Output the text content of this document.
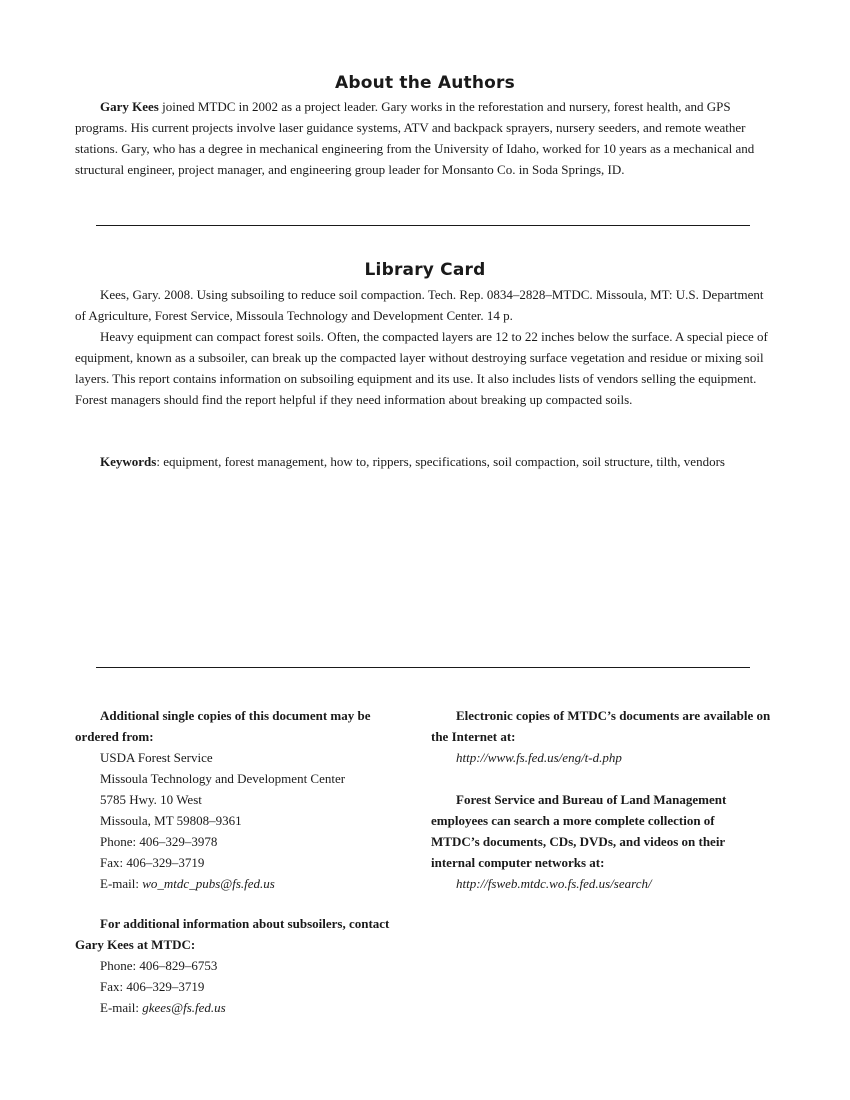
About the Authors

Gary Kees joined MTDC in 2002 as a project leader. Gary works in the reforestation and nursery, forest health, and GPS programs. His current projects involve laser guidance systems, ATV and backpack sprayers, nursery seeders, and remote weather stations. Gary, who has a degree in mechanical engineering from the University of Idaho, worked for 10 years as a mechanical and structural engineer, project manager, and engineering group leader for Monsanto Co. in Soda Springs, ID.

Library Card

Kees, Gary. 2008. Using subsoiling to reduce soil compaction. Tech. Rep. 0834–2828–MTDC. Missoula, MT: U.S. Department of Agriculture, Forest Service, Missoula Technology and Development Center. 14 p.

Heavy equipment can compact forest soils. Often, the compacted layers are 12 to 22 inches below the surface. A special piece of equipment, known as a subsoiler, can break up the compacted layer without destroying surface vegetation and residue or mixing soil layers. This report contains information on subsoiling equipment and its use. It also includes lists of vendors selling the equipment. Forest managers should find the report helpful if they need information about breaking up compacted soils.

Keywords: equipment, forest management, how to, rippers, specifications, soil compaction, soil structure, tilth, vendors

Additional single copies of this document may be ordered from:

USDA Forest Service
Missoula Technology and Development Center
5785 Hwy. 10 West
Missoula, MT 59808–9361
Phone: 406–329–3978
Fax: 406–329–3719
E-mail: wo_mtdc_pubs@fs.fed.us

For additional information about subsoilers, contact Gary Kees at MTDC:

Phone: 406–829–6753
Fax: 406–329–3719
E-mail: gkees@fs.fed.us

Electronic copies of MTDC’s documents are available on the Internet at:

http://www.fs.fed.us/eng/t-d.php

Forest Service and Bureau of Land Management employees can search a more complete collection of MTDC’s documents, CDs, DVDs, and videos on their internal computer networks at:

http://fsweb.mtdc.wo.fs.fed.us/search/
